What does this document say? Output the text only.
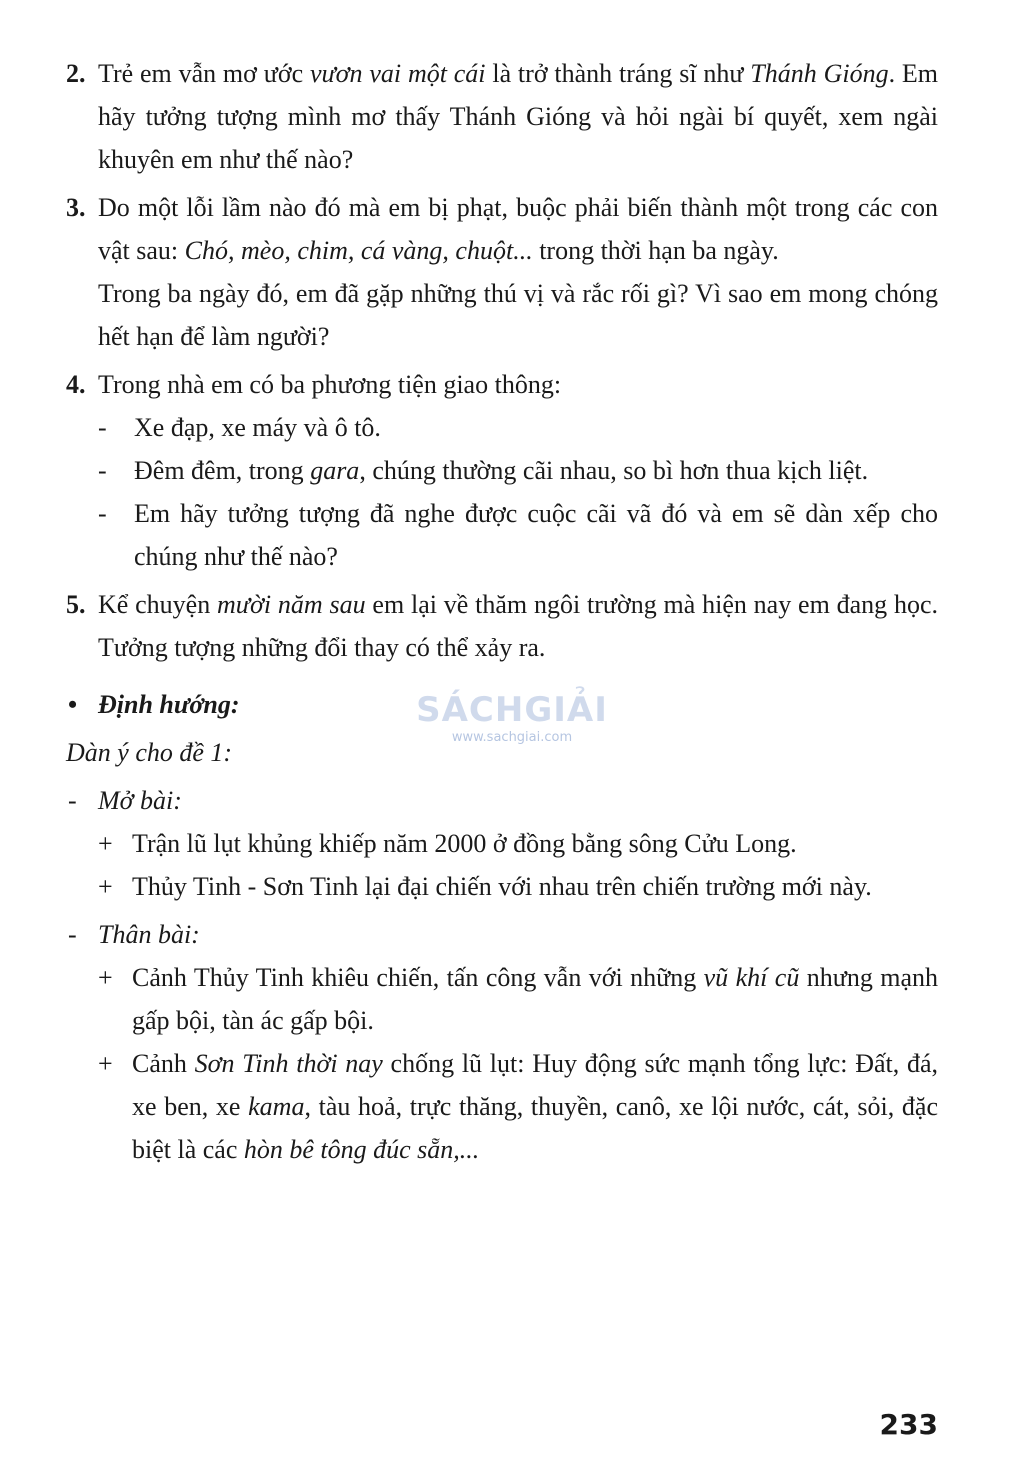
2. Trẻ em vẫn mơ ước vươn vai một cái là trở thành tráng sĩ như Thánh Gióng. Em hãy tưởng tượng mình mơ thấy Thánh Gióng và hỏi ngài bí quyết, xem ngài khuyên em như thế nào?

3. Do một lỗi lầm nào đó mà em bị phạt, buộc phải biến thành một trong các con vật sau: Chó, mèo, chim, cá vàng, chuột... trong thời hạn ba ngày.

Trong ba ngày đó, em đã gặp những thú vị và rắc rối gì? Vì sao em mong chóng hết hạn để làm người?

4. Trong nhà em có ba phương tiện giao thông:

- Xe đạp, xe máy và ô tô.
- Đêm đêm, trong gara, chúng thường cãi nhau, so bì hơn thua kịch liệt.
- Em hãy tưởng tượng đã nghe được cuộc cãi vã đó và em sẽ dàn xếp cho chúng như thế nào?
5. Kể chuyện mười năm sau em lại về thăm ngôi trường mà hiện nay em đang học. Tưởng tượng những đổi thay có thể xảy ra.

• Định hướng:
Dàn ý cho đề 1:
- Mở bài:
+ Trận lũ lụt khủng khiếp năm 2000 ở đồng bằng sông Cửu Long.
+ Thủy Tinh - Sơn Tinh lại đại chiến với nhau trên chiến trường mới này.
- Thân bài:
+ Cảnh Thủy Tinh khiêu chiến, tấn công vẫn với những vũ khí cũ nhưng mạnh gấp bội, tàn ác gấp bội.
+ Cảnh Sơn Tinh thời nay chống lũ lụt: Huy động sức mạnh tổng lực: Đất, đá, xe ben, xe kama, tàu hoả, trực thăng, thuyền, canô, xe lội nước, cát, sỏi, đặc biệt là các hòn bê tông đúc sẵn,...
SÁCHGIẢI
www.sachgiai.com
233
